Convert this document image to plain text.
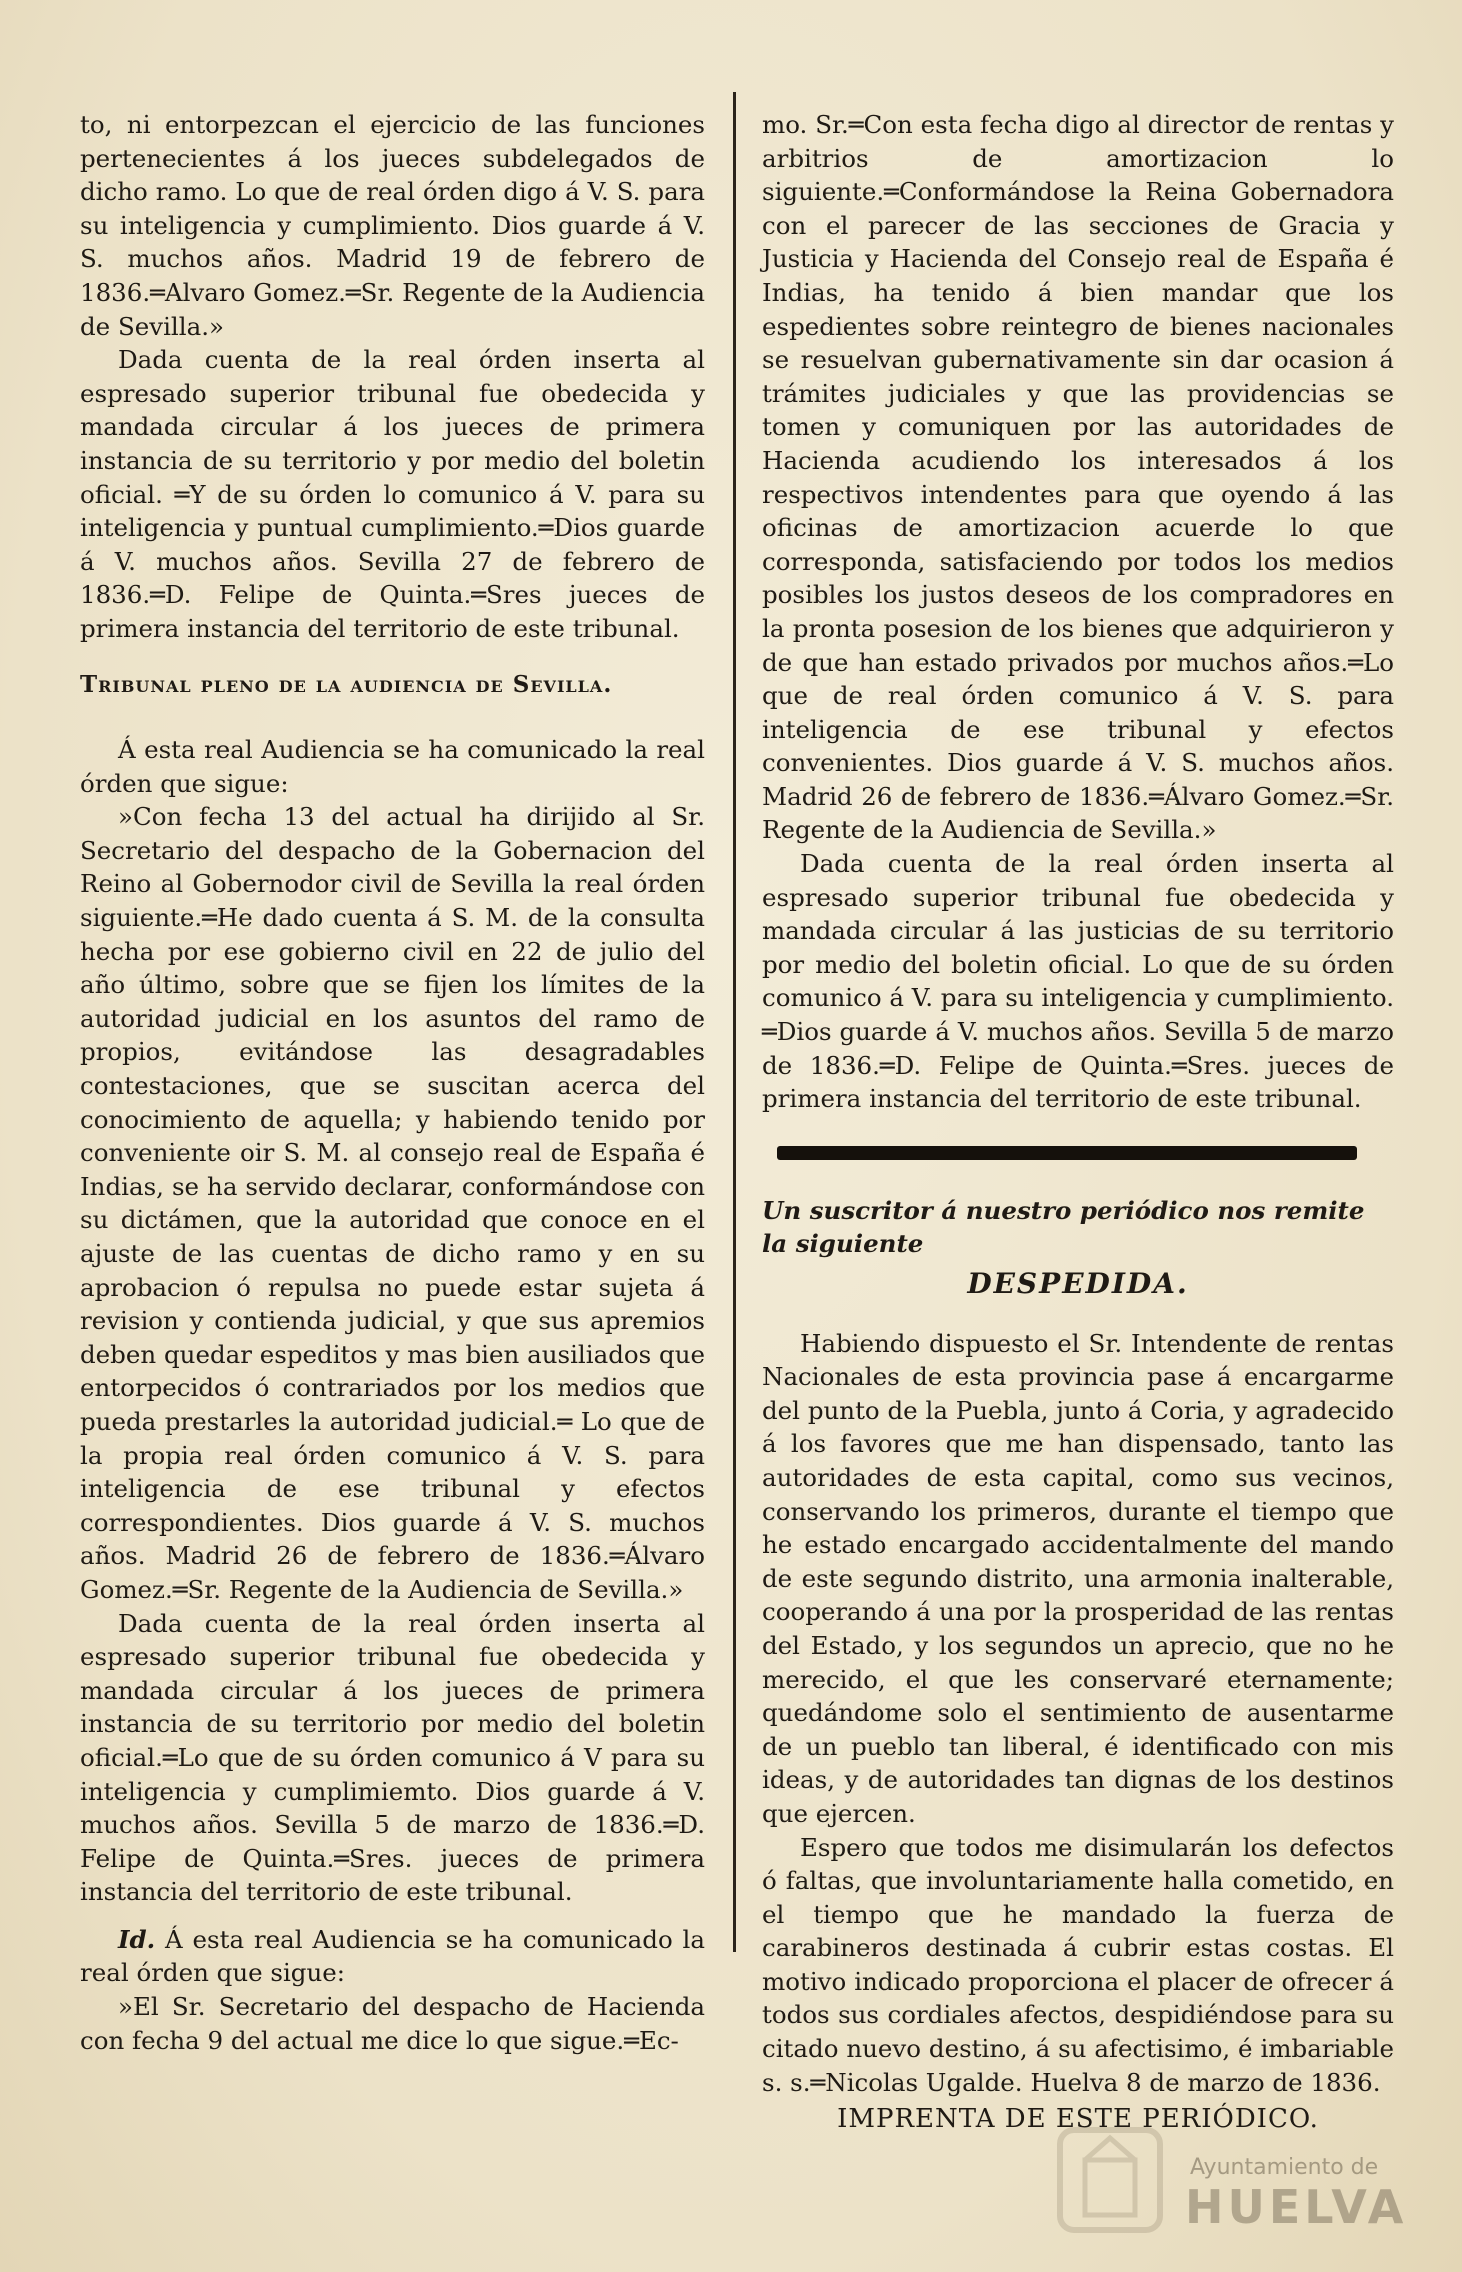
to, ni entorpezcan el ejercicio de las funciones pertenecientes á los jueces subdelegados de dicho ramo. Lo que de real órden digo á V. S. para su inteligencia y cumplimiento. Dios guarde á V. S. muchos años. Madrid 19 de febrero de 1836.═Alvaro Gomez.═Sr. Regente de la Audiencia de Sevilla.»

Dada cuenta de la real órden inserta al espresado superior tribunal fue obedecida y mandada circular á los jueces de primera instancia de su territorio y por medio del boletin oficial. ═Y de su órden lo comunico á V. para su inteligencia y puntual cumplimiento.═Dios guarde á V. muchos años. Sevilla 27 de febrero de 1836.═D. Felipe de Quinta.═Sres jueces de primera instancia del territorio de este tribunal.

Tribunal pleno de la audiencia de Sevilla.

Á esta real Audiencia se ha comunicado la real órden que sigue:

»Con fecha 13 del actual ha dirijido al Sr. Secretario del despacho de la Gobernacion del Reino al Gobernodor civil de Sevilla la real órden siguiente.═He dado cuenta á S. M. de la consulta hecha por ese gobierno civil en 22 de julio del año último, sobre que se fijen los límites de la autoridad judicial en los asuntos del ramo de propios, evitándose las desagradables contestaciones, que se suscitan acerca del conocimiento de aquella; y habiendo tenido por conveniente oir S. M. al consejo real de España é Indias, se ha servido declarar, conformándose con su dictámen, que la autoridad que conoce en el ajuste de las cuentas de dicho ramo y en su aprobacion ó repulsa no puede estar sujeta á revision y contienda judicial, y que sus apremios deben quedar espeditos y mas bien ausiliados que entorpecidos ó contrariados por los medios que pueda prestarles la autoridad judicial.═ Lo que de la propia real órden comunico á V. S. para inteligencia de ese tribunal y efectos correspondientes. Dios guarde á V. S. muchos años. Madrid 26 de febrero de 1836.═Álvaro Gomez.═Sr. Regente de la Audiencia de Sevilla.»

Dada cuenta de la real órden inserta al espresado superior tribunal fue obedecida y mandada circular á los jueces de primera instancia de su territorio por medio del boletin oficial.═Lo que de su órden comunico á V para su inteligencia y cumplimiemto. Dios guarde á V. muchos años. Sevilla 5 de marzo de 1836.═D. Felipe de Quinta.═Sres. jueces de primera instancia del territorio de este tribunal.

Id. Á esta real Audiencia se ha comunicado la real órden que sigue:

»El Sr. Secretario del despacho de Hacienda con fecha 9 del actual me dice lo que sigue.═Ec-

mo. Sr.═Con esta fecha digo al director de rentas y arbitrios de amortizacion lo siguiente.═Conformándose la Reina Gobernadora con el parecer de las secciones de Gracia y Justicia y Hacienda del Consejo real de España é Indias, ha tenido á bien mandar que los espedientes sobre reintegro de bienes nacionales se resuelvan gubernativamente sin dar ocasion á trámites judiciales y que las providencias se tomen y comuniquen por las autoridades de Hacienda acudiendo los interesados á los respectivos intendentes para que oyendo á las oficinas de amortizacion acuerde lo que corresponda, satisfaciendo por todos los medios posibles los justos deseos de los compradores en la pronta posesion de los bienes que adquirieron y de que han estado privados por muchos años.═Lo que de real órden comunico á V. S. para inteligencia de ese tribunal y efectos convenientes. Dios guarde á V. S. muchos años. Madrid 26 de febrero de 1836.═Álvaro Gomez.═Sr. Regente de la Audiencia de Sevilla.»

Dada cuenta de la real órden inserta al espresado superior tribunal fue obedecida y mandada circular á las justicias de su territorio por medio del boletin oficial. Lo que de su órden comunico á V. para su inteligencia y cumplimiento. ═Dios guarde á V. muchos años. Sevilla 5 de marzo de 1836.═D. Felipe de Quinta.═Sres. jueces de primera instancia del territorio de este tribunal.

Un suscritor á nuestro periódico nos remite la siguiente

DESPEDIDA.

Habiendo dispuesto el Sr. Intendente de rentas Nacionales de esta provincia pase á encargarme del punto de la Puebla, junto á Coria, y agradecido á los favores que me han dispensado, tanto las autoridades de esta capital, como sus vecinos, conservando los primeros, durante el tiempo que he estado encargado accidentalmente del mando de este segundo distrito, una armonia inalterable, cooperando á una por la prosperidad de las rentas del Estado, y los segundos un aprecio, que no he merecido, el que les conservaré eternamente; quedándome solo el sentimiento de ausentarme de un pueblo tan liberal, é identificado con mis ideas, y de autoridades tan dignas de los destinos que ejercen.

Espero que todos me disimularán los defectos ó faltas, que involuntariamente halla cometido, en el tiempo que he mandado la fuerza de carabineros destinada á cubrir estas costas. El motivo indicado proporciona el placer de ofrecer á todos sus cordiales afectos, despidiéndose para su citado nuevo destino, á su afectisimo, é imbariable s. s.═Nicolas Ugalde. Huelva 8 de marzo de 1836.

IMPRENTA DE ESTE PERIÓDICO.

Ayuntamiento de
HUELVA
